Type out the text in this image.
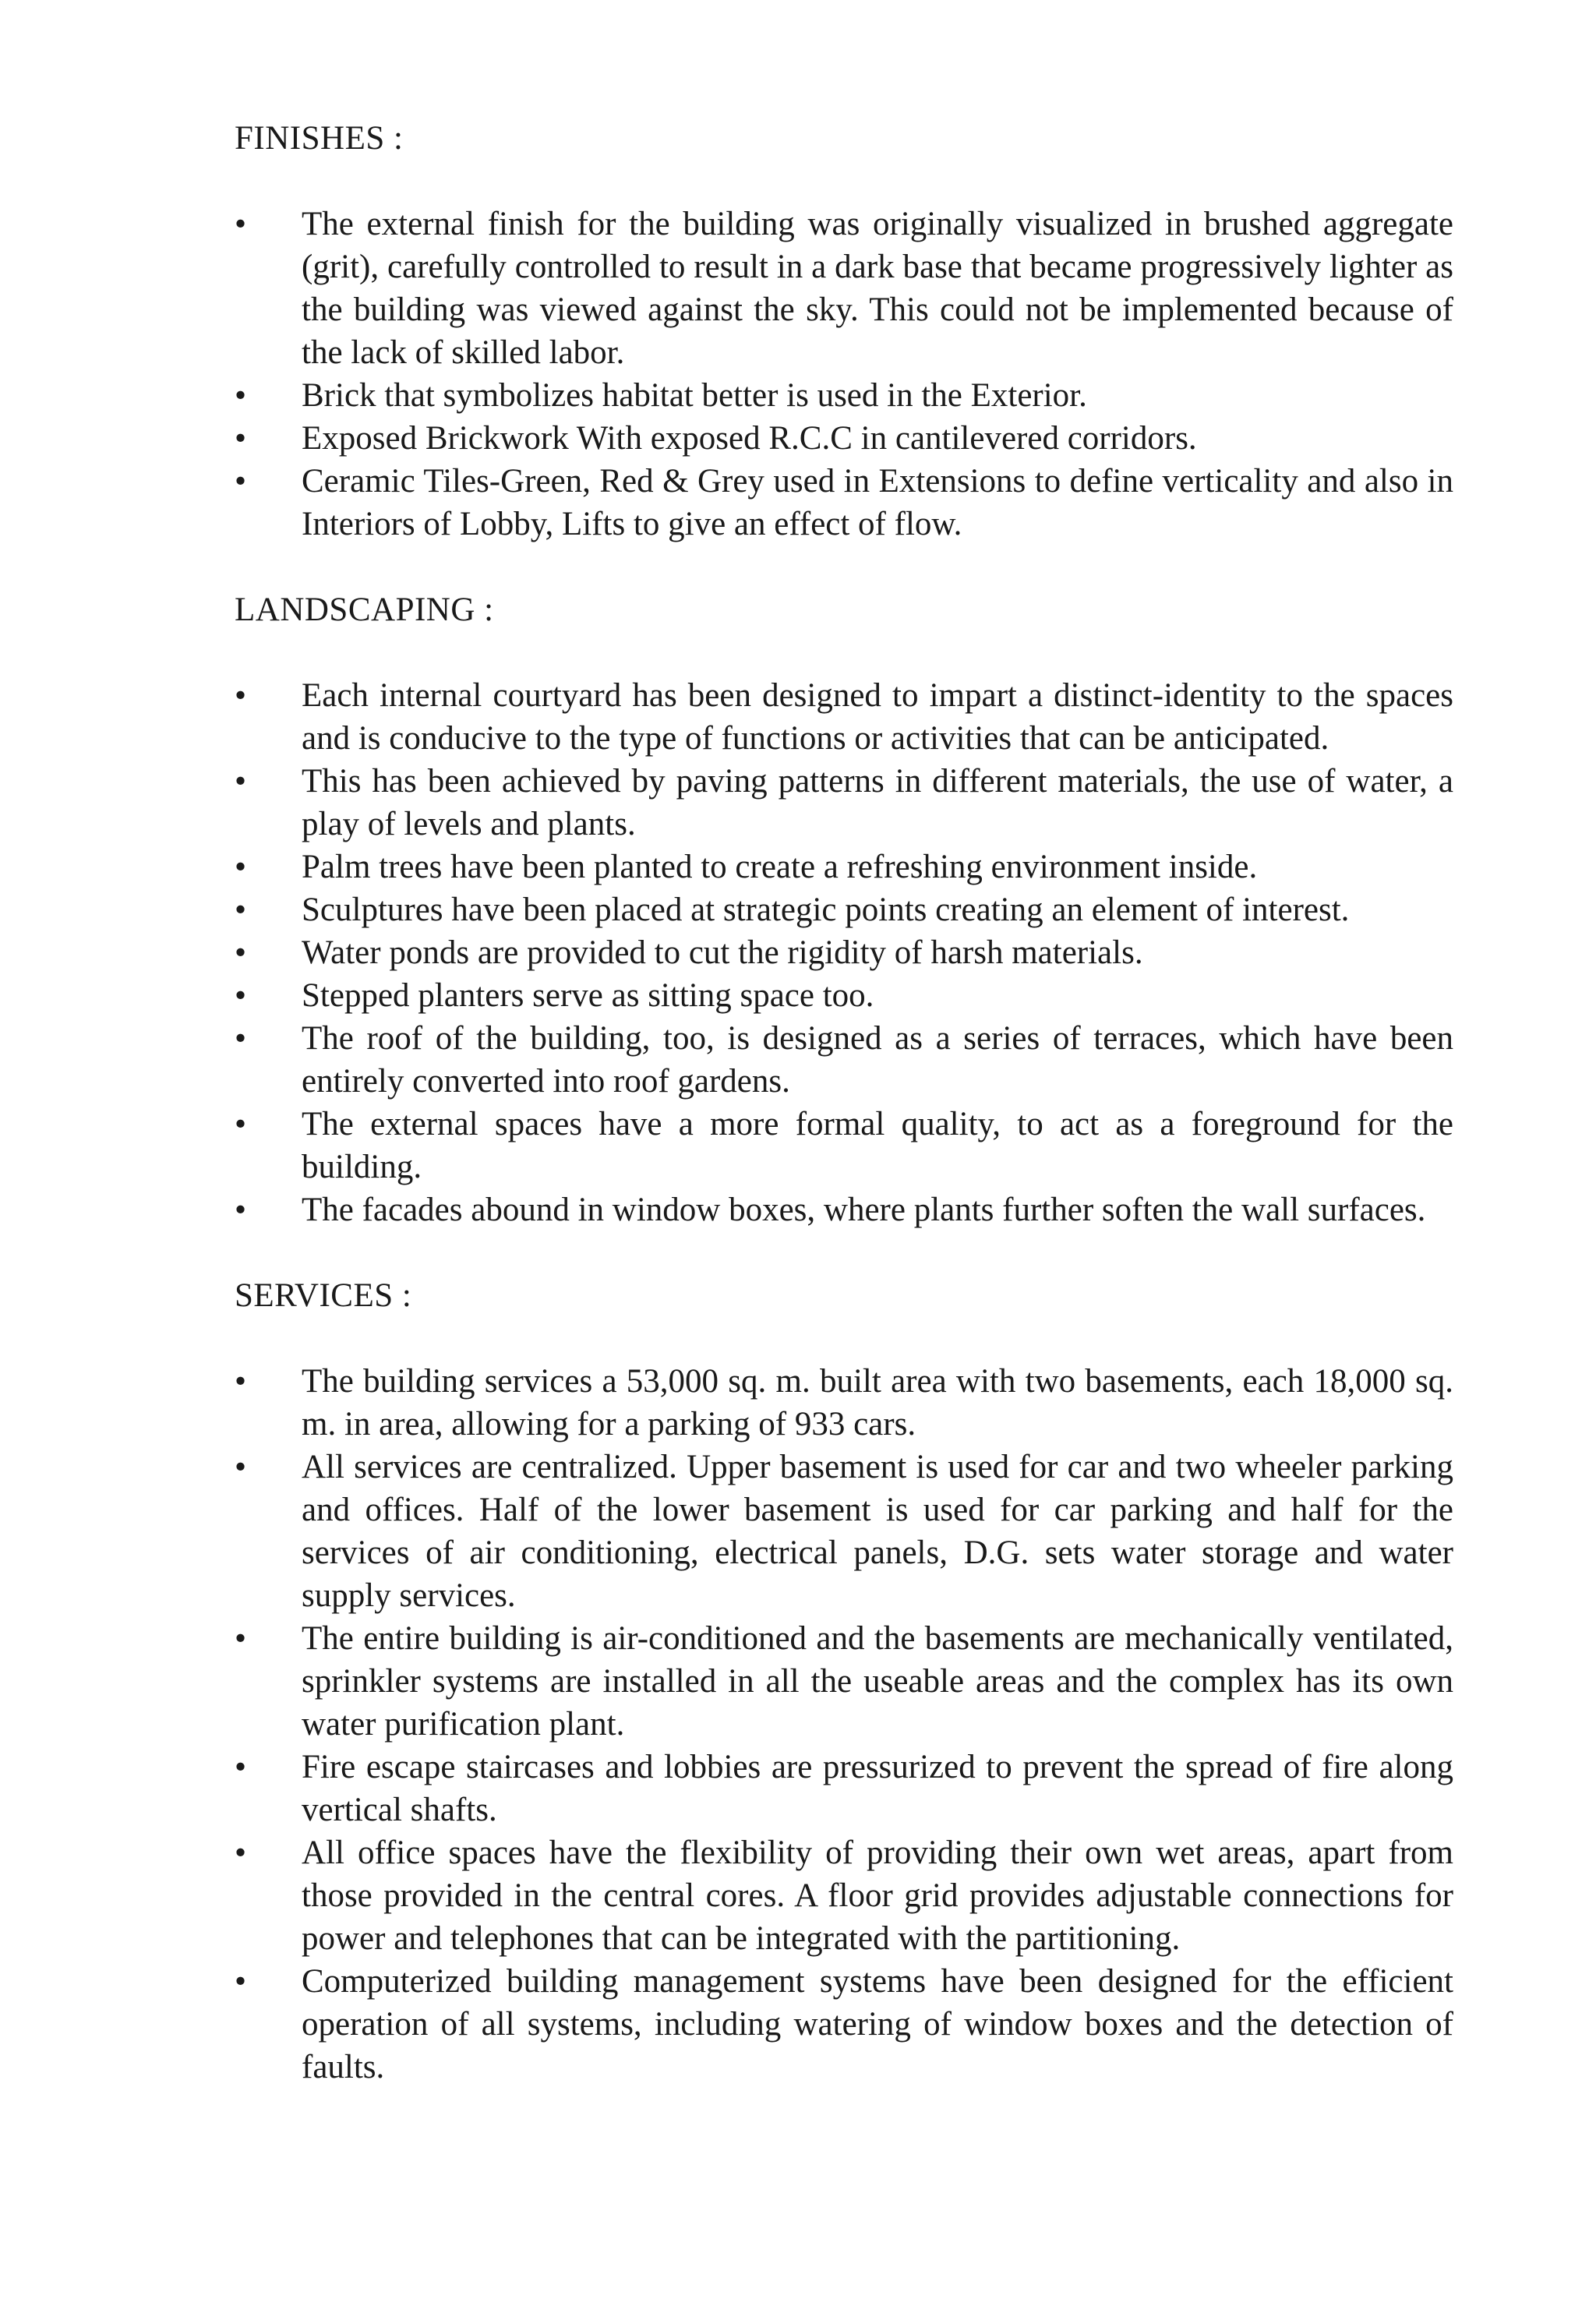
FINISHES :
•	The external finish for the building was originally visualized in brushed aggregate (grit), carefully controlled to result in a dark base that became progressively lighter as the building was viewed against the sky. This could not be implemented because of the lack of skilled labor.
•	Brick that symbolizes habitat better is used in the Exterior.
•	Exposed Brickwork With exposed R.C.C in cantilevered corridors.
•	Ceramic Tiles-Green, Red & Grey used in Extensions to define verticality and also in Interiors of Lobby, Lifts to give an effect of flow.
LANDSCAPING :
•	Each internal courtyard has been designed to impart a distinct-identity to the spaces and is conducive to the type of functions or activities that can be anticipated.
•	This has been achieved by paving patterns in different materials, the use of water, a play of levels and plants.
•	Palm trees have been planted to create a refreshing environment inside.
•	Sculptures have been placed at strategic points creating an element of interest.
•	Water ponds are provided to cut the rigidity of harsh materials.
•	Stepped planters serve as sitting space too.
•	The roof of the building, too, is designed as a series of terraces, which have been entirely converted into roof gardens.
•	The external spaces have a more formal quality, to act as a foreground for the building.
•	The facades abound in window boxes, where plants further soften the wall surfaces.
SERVICES :
•	The building services a 53,000 sq. m. built area with two basements, each 18,000 sq. m. in area, allowing for a parking of 933 cars.
•	All services are centralized. Upper basement is used for car and two wheeler parking and offices. Half of the lower basement is used for car parking and half for the services of air conditioning, electrical panels, D.G. sets water storage and water supply services.
•	The entire building is air-conditioned and the basements are mechanically ventilated, sprinkler systems are installed in all the useable areas and the complex has its own water purification plant.
•	Fire escape staircases and lobbies are pressurized to prevent the spread of fire along vertical shafts.
•	All office spaces have the flexibility of providing their own wet areas, apart from those provided in the central cores. A floor grid provides adjustable connections for power and telephones that can be integrated with the partitioning.
•	Computerized building management systems have been designed for the efficient operation of all systems, including watering of window boxes and the detection of faults.
